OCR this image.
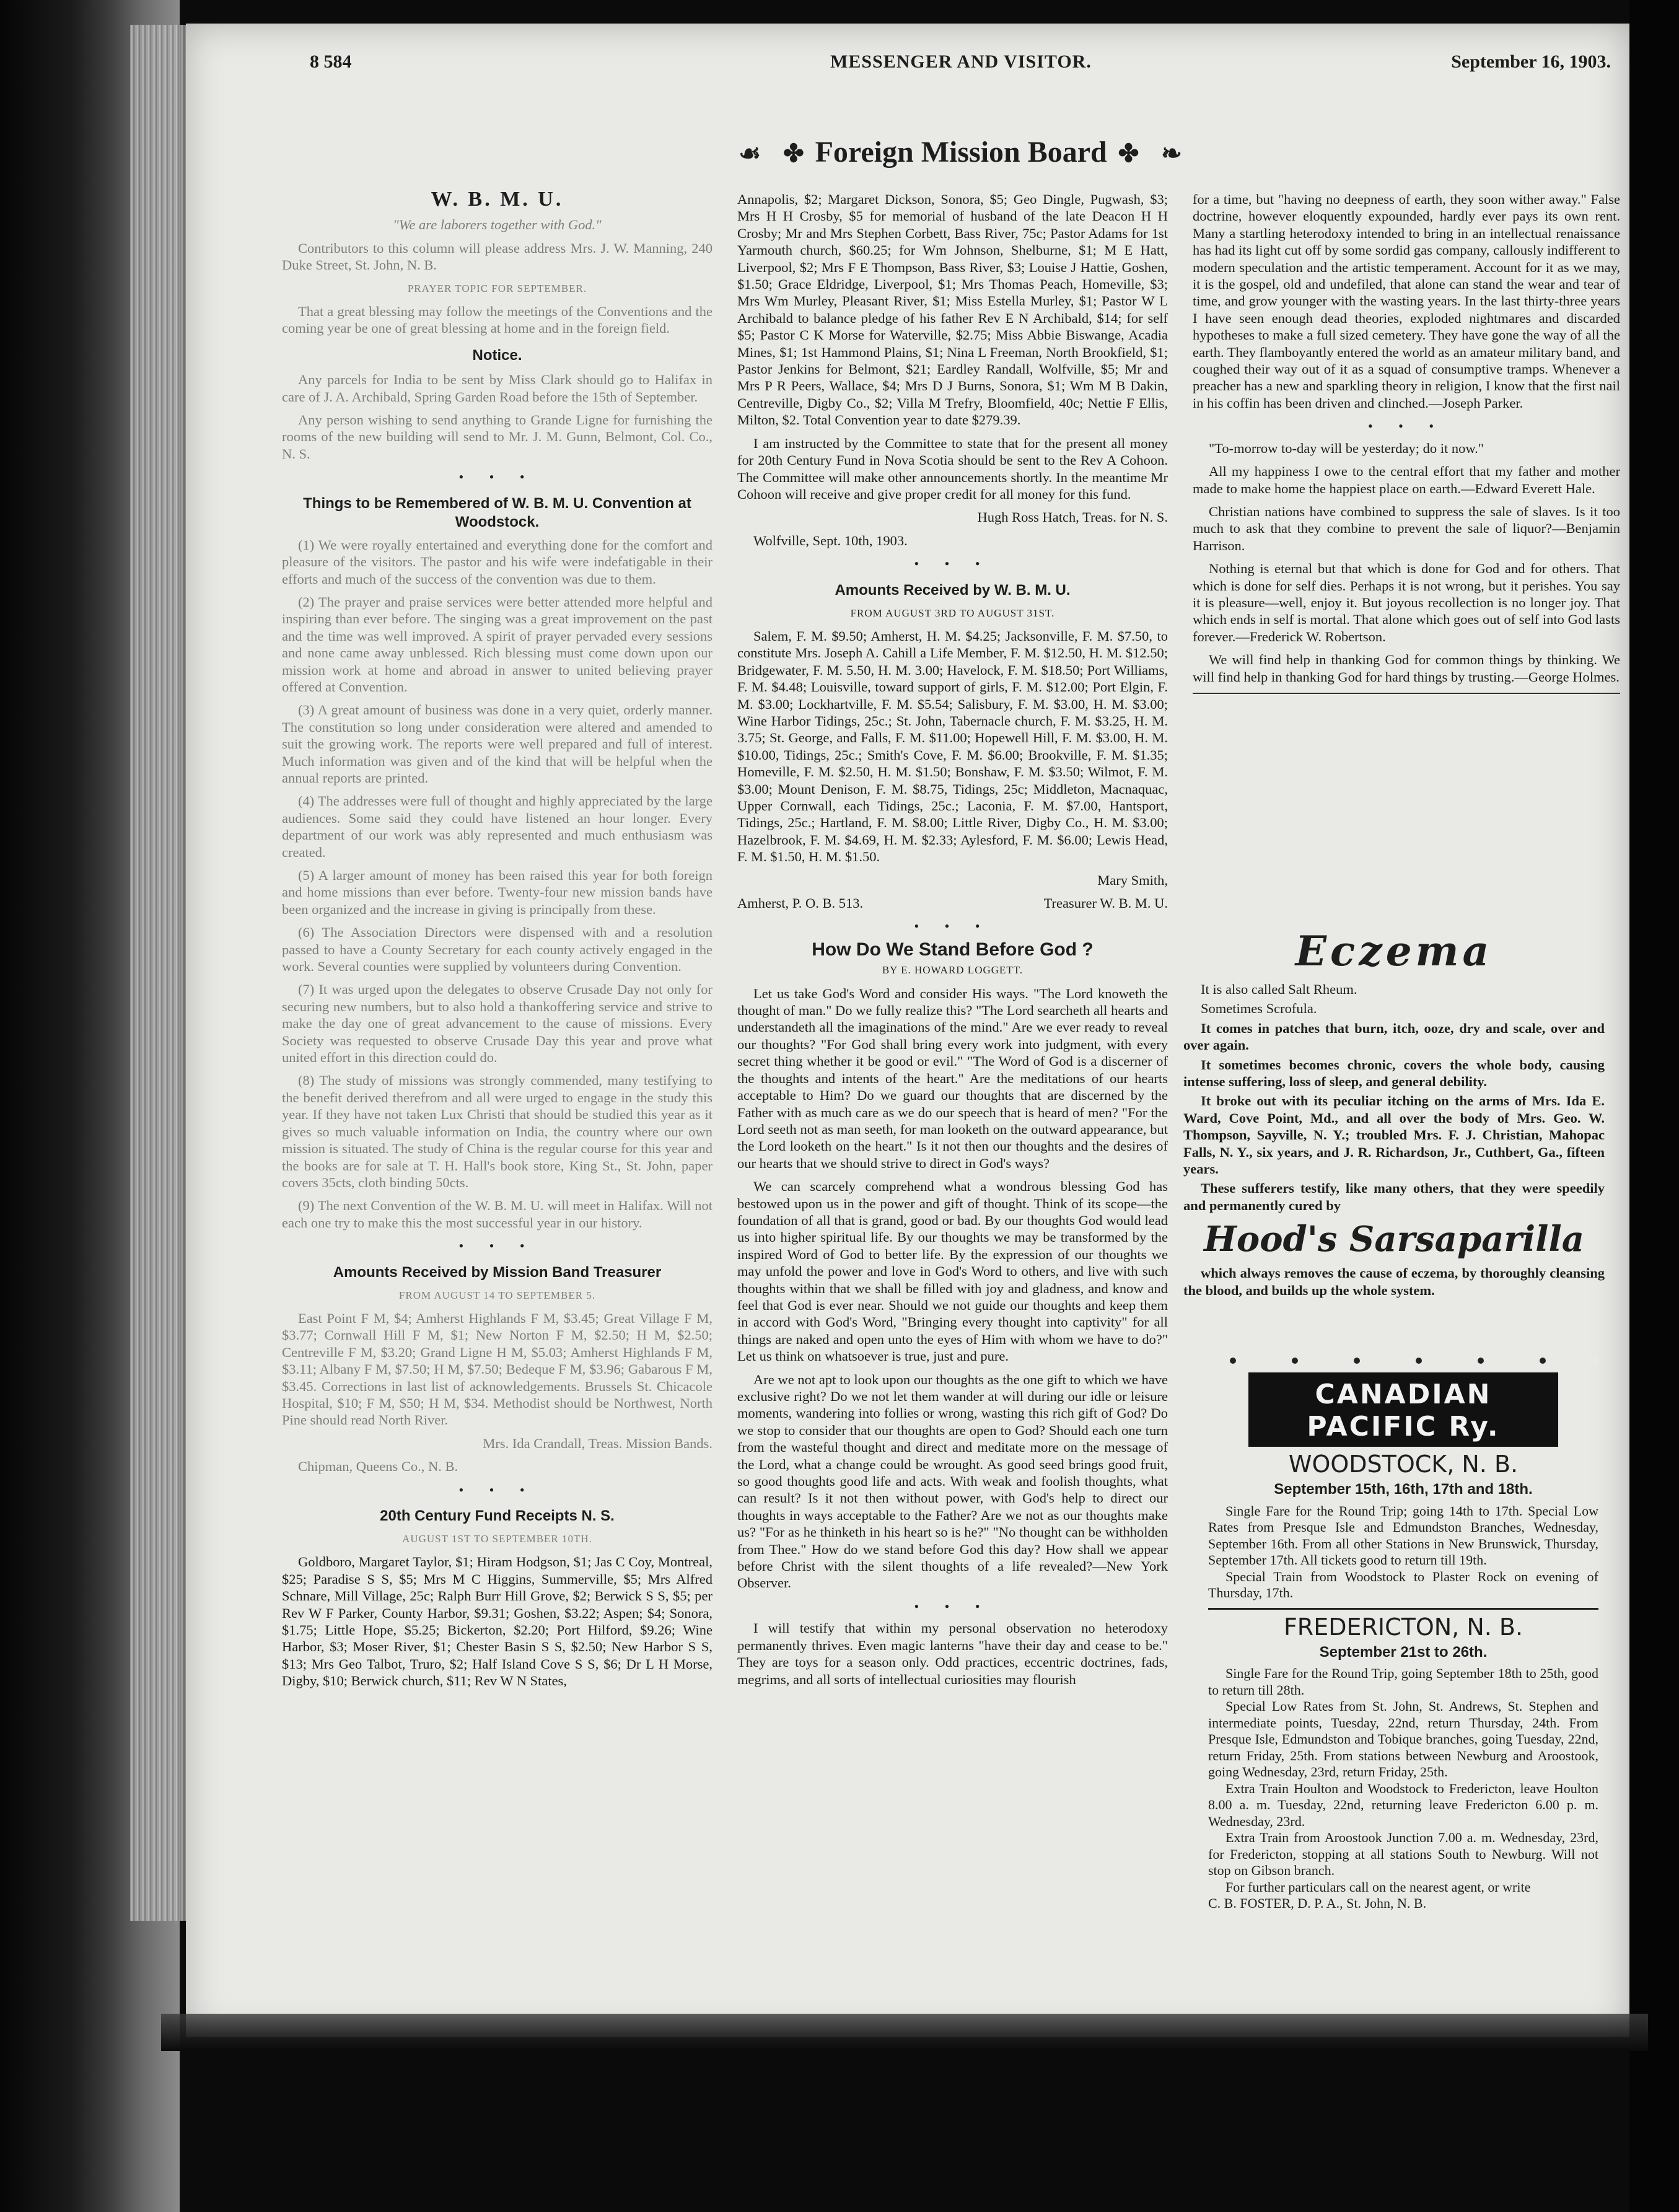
8 584	MESSENGER AND VISITOR.	September 16, 1903.
☙ ✤ Foreign Mission Board ✤ ❧
W. B. M. U.

"We are laborers together with God."

Contributors to this column will please address Mrs. J. W. Manning, 240 Duke Street, St. John, N. B.

PRAYER TOPIC FOR SEPTEMBER.

That a great blessing may follow the meetings of the Conventions and the coming year be one of great blessing at home and in the foreign field.

Notice.

Any parcels for India to be sent by Miss Clark should go to Halifax in care of J. A. Archibald, Spring Garden Road before the 15th of September.

Any person wishing to send anything to Grande Ligne for furnishing the rooms of the new building will send to Mr. J. M. Gunn, Belmont, Col. Co., N. S.

• • •
Things to be Remembered of W. B. M. U. Convention at Woodstock.

(1) We were royally entertained and everything done for the comfort and pleasure of the visitors. The pastor and his wife were indefatigable in their efforts and much of the success of the convention was due to them.

(2) The prayer and praise services were better attended more helpful and inspiring than ever before. The singing was a great improvement on the past and the time was well improved. A spirit of prayer pervaded every sessions and none came away unblessed. Rich blessing must come down upon our mission work at home and abroad in answer to united believing prayer offered at Convention.

(3) A great amount of business was done in a very quiet, orderly manner. The constitution so long under consideration were altered and amended to suit the growing work. The reports were well prepared and full of interest. Much information was given and of the kind that will be helpful when the annual reports are printed.

(4) The addresses were full of thought and highly appreciated by the large audiences. Some said they could have listened an hour longer. Every department of our work was ably represented and much enthusiasm was created.

(5) A larger amount of money has been raised this year for both foreign and home missions than ever before. Twenty-four new mission bands have been organized and the increase in giving is principally from these.

(6) The Association Directors were dispensed with and a resolution passed to have a County Secretary for each county actively engaged in the work. Several counties were supplied by volunteers during Convention.

(7) It was urged upon the delegates to observe Crusade Day not only for securing new numbers, but to also hold a thankoffering service and strive to make the day one of great advancement to the cause of missions. Every Society was requested to observe Crusade Day this year and prove what united effort in this direction could do.

(8) The study of missions was strongly commended, many testifying to the benefit derived therefrom and all were urged to engage in the study this year. If they have not taken Lux Christi that should be studied this year as it gives so much valuable information on India, the country where our own mission is situated. The study of China is the regular course for this year and the books are for sale at T. H. Hall's book store, King St., St. John, paper covers 35cts, cloth binding 50cts.

(9) The next Convention of the W. B. M. U. will meet in Halifax. Will not each one try to make this the most successful year in our history.

• • •
Amounts Received by Mission Band Treasurer
FROM AUGUST 14 TO SEPTEMBER 5.

East Point F M, $4; Amherst Highlands F M, $3.45; Great Village F M, $3.77; Cornwall Hill F M, $1; New Norton F M, $2.50; H M, $2.50; Centreville F M, $3.20; Grand Ligne H M, $5.03; Amherst Highlands F M, $3.11; Albany F M, $7.50; H M, $7.50; Bedeque F M, $3.96; Gabarous F M, $3.45. Corrections in last list of acknowledgements. Brussels St. Chicacole Hospital, $10; F M, $50; H M, $34. Methodist should be Northwest, North Pine should read North River.

Mrs. Ida Crandall, Treas. Mission Bands.

Chipman, Queens Co., N. B.

• • •
20th Century Fund Receipts N. S.
AUGUST 1ST TO SEPTEMBER 10TH.

Goldboro, Margaret Taylor, $1; Hiram Hodgson, $1; Jas C Coy, Montreal, $25; Paradise S S, $5; Mrs M C Higgins, Summerville, $5; Mrs Alfred Schnare, Mill Village, 25c; Ralph Burr Hill Grove, $2; Berwick S S, $5; per Rev W F Parker, County Harbor, $9.31; Goshen, $3.22; Aspen; $4; Sonora, $1.75; Little Hope, $5.25; Bickerton, $2.20; Port Hilford, $9.26; Wine Harbor, $3; Moser River, $1; Chester Basin S S, $2.50; New Harbor S S, $13; Mrs Geo Talbot, Truro, $2; Half Island Cove S S, $6; Dr L H Morse, Digby, $10; Berwick church, $11; Rev W N States,

Annapolis, $2; Margaret Dickson, Sonora, $5; Geo Dingle, Pugwash, $3; Mrs H H Crosby, $5 for memorial of husband of the late Deacon H H Crosby; Mr and Mrs Stephen Corbett, Bass River, 75c; Pastor Adams for 1st Yarmouth church, $60.25; for Wm Johnson, Shelburne, $1; M E Hatt, Liverpool, $2; Mrs F E Thompson, Bass River, $3; Louise J Hattie, Goshen, $1.50; Grace Eldridge, Liverpool, $1; Mrs Thomas Peach, Homeville, $3; Mrs Wm Murley, Pleasant River, $1; Miss Estella Murley, $1; Pastor W L Archibald to balance pledge of his father Rev E N Archibald, $14; for self $5; Pastor C K Morse for Waterville, $2.75; Miss Abbie Biswange, Acadia Mines, $1; 1st Hammond Plains, $1; Nina L Freeman, North Brookfield, $1; Pastor Jenkins for Belmont, $21; Eardley Randall, Wolfville, $5; Mr and Mrs P R Peers, Wallace, $4; Mrs D J Burns, Sonora, $1; Wm M B Dakin, Centreville, Digby Co., $2; Villa M Trefry, Bloomfield, 40c; Nettie F Ellis, Milton, $2. Total Convention year to date $279.39.

I am instructed by the Committee to state that for the present all money for 20th Century Fund in Nova Scotia should be sent to the Rev A Cohoon. The Committee will make other announcements shortly. In the meantime Mr Cohoon will receive and give proper credit for all money for this fund.

Hugh Ross Hatch, Treas. for N. S.

Wolfville, Sept. 10th, 1903.

• • •
Amounts Received by W. B. M. U.
FROM AUGUST 3RD TO AUGUST 31ST.

Salem, F. M. $9.50; Amherst, H. M. $4.25; Jacksonville, F. M. $7.50, to constitute Mrs. Joseph A. Cahill a Life Member, F. M. $12.50, H. M. $12.50; Bridgewater, F. M. 5.50, H. M. 3.00; Havelock, F. M. $18.50; Port Williams, F. M. $4.48; Louisville, toward support of girls, F. M. $12.00; Port Elgin, F. M. $3.00; Lockhartville, F. M. $5.54; Salisbury, F. M. $3.00, H. M. $3.00; Wine Harbor Tidings, 25c.; St. John, Tabernacle church, F. M. $3.25, H. M. 3.75; St. George, and Falls, F. M. $11.00; Hopewell Hill, F. M. $3.00, H. M. $10.00, Tidings, 25c.; Smith's Cove, F. M. $6.00; Brookville, F. M. $1.35; Homeville, F. M. $2.50, H. M. $1.50; Bonshaw, F. M. $3.50; Wilmot, F. M. $3.00; Mount Denison, F. M. $8.75, Tidings, 25c; Middleton, Macnaquac, Upper Cornwall, each Tidings, 25c.; Laconia, F. M. $7.00, Hantsport, Tidings, 25c.; Hartland, F. M. $8.00; Little River, Digby Co., H. M. $3.00; Hazelbrook, F. M. $4.69, H. M. $2.33; Aylesford, F. M. $6.00; Lewis Head, F. M. $1.50, H. M. $1.50.

Mary Smith,
Amherst, P. O. B. 513.	Treasurer W. B. M. U.
• • •
How Do We Stand Before God ?
BY E. HOWARD LOGGETT.

Let us take God's Word and consider His ways. "The Lord knoweth the thought of man." Do we fully realize this? "The Lord searcheth all hearts and understandeth all the imaginations of the mind." Are we ever ready to reveal our thoughts? "For God shall bring every work into judgment, with every secret thing whether it be good or evil." "The Word of God is a discerner of the thoughts and intents of the heart." Are the meditations of our hearts acceptable to Him? Do we guard our thoughts that are discerned by the Father with as much care as we do our speech that is heard of men? "For the Lord seeth not as man seeth, for man looketh on the outward appearance, but the Lord looketh on the heart." Is it not then our thoughts and the desires of our hearts that we should strive to direct in God's ways?

We can scarcely comprehend what a wondrous blessing God has bestowed upon us in the power and gift of thought. Think of its scope—the foundation of all that is grand, good or bad. By our thoughts God would lead us into higher spiritual life. By our thoughts we may be transformed by the inspired Word of God to better life. By the expression of our thoughts we may unfold the power and love in God's Word to others, and live with such thoughts within that we shall be filled with joy and gladness, and know and feel that God is ever near. Should we not guide our thoughts and keep them in accord with God's Word, "Bringing every thought into captivity" for all things are naked and open unto the eyes of Him with whom we have to do?" Let us think on whatsoever is true, just and pure.

Are we not apt to look upon our thoughts as the one gift to which we have exclusive right? Do we not let them wander at will during our idle or leisure moments, wandering into follies or wrong, wasting this rich gift of God? Do we stop to consider that our thoughts are open to God? Should each one turn from the wasteful thought and direct and meditate more on the message of the Lord, what a change could be wrought. As good seed brings good fruit, so good thoughts good life and acts. With weak and foolish thoughts, what can result? Is it not then without power, with God's help to direct our thoughts in ways acceptable to the Father? Are we not as our thoughts make us? "For as he thinketh in his heart so is he?" "No thought can be withholden from Thee." How do we stand before God this day? How shall we appear before Christ with the silent thoughts of a life revealed?—New York Observer.

• • •

I will testify that within my personal observation no heterodoxy permanently thrives. Even magic lanterns "have their day and cease to be." They are toys for a season only. Odd practices, eccentric doctrines, fads, megrims, and all sorts of intellectual curiosities may flourish

for a time, but "having no deepness of earth, they soon wither away." False doctrine, however eloquently expounded, hardly ever pays its own rent. Many a startling heterodoxy intended to bring in an intellectual renaissance has had its light cut off by some sordid gas company, callously indifferent to modern speculation and the artistic temperament. Account for it as we may, it is the gospel, old and undefiled, that alone can stand the wear and tear of time, and grow younger with the wasting years. In the last thirty-three years I have seen enough dead theories, exploded nightmares and discarded hypotheses to make a full sized cemetery. They have gone the way of all the earth. They flamboyantly entered the world as an amateur military band, and coughed their way out of it as a squad of consumptive tramps. Whenever a preacher has a new and sparkling theory in religion, I know that the first nail in his coffin has been driven and clinched.—Joseph Parker.

• • •

"To-morrow to-day will be yesterday; do it now."

All my happiness I owe to the central effort that my father and mother made to make home the happiest place on earth.—Edward Everett Hale.

Christian nations have combined to suppress the sale of slaves. Is it too much to ask that they combine to prevent the sale of liquor?—Benjamin Harrison.

Nothing is eternal but that which is done for God and for others. That which is done for self dies. Perhaps it is not wrong, but it perishes. You say it is pleasure—well, enjoy it. But joyous recollection is no longer joy. That which ends in self is mortal. That alone which goes out of self into God lasts forever.—Frederick W. Robertson.

We will find help in thanking God for common things by thinking. We will find help in thanking God for hard things by trusting.—George Holmes.

Eczema

It is also called Salt Rheum.

Sometimes Scrofula.

It comes in patches that burn, itch, ooze, dry and scale, over and over again.

It sometimes becomes chronic, covers the whole body, causing intense suffering, loss of sleep, and general debility.

It broke out with its peculiar itching on the arms of Mrs. Ida E. Ward, Cove Point, Md., and all over the body of Mrs. Geo. W. Thompson, Sayville, N. Y.; troubled Mrs. F. J. Christian, Mahopac Falls, N. Y., six years, and J. R. Richardson, Jr., Cuthbert, Ga., fifteen years.

These sufferers testify, like many others, that they were speedily and permanently cured by

Hood's Sarsaparilla

which always removes the cause of eczema, by thoroughly cleansing the blood, and builds up the whole system.

CANADIAN
PACIFIC Ry.
WOODSTOCK, N. B.
September 15th, 16th, 17th and 18th.

Single Fare for the Round Trip; going 14th to 17th. Special Low Rates from Presque Isle and Edmundston Branches, Wednesday, September 16th. From all other Stations in New Brunswick, Thursday, September 17th. All tickets good to return till 19th.

Special Train from Woodstock to Plaster Rock on evening of Thursday, 17th.

FREDERICTON, N. B.
September 21st to 26th.

Single Fare for the Round Trip, going September 18th to 25th, good to return till 28th.

Special Low Rates from St. John, St. Andrews, St. Stephen and intermediate points, Tuesday, 22nd, return Thursday, 24th. From Presque Isle, Edmundston and Tobique branches, going Tuesday, 22nd, return Friday, 25th. From stations between Newburg and Aroostook, going Wednesday, 23rd, return Friday, 25th.

Extra Train Houlton and Woodstock to Fredericton, leave Houlton 8.00 a. m. Tuesday, 22nd, returning leave Fredericton 6.00 p. m. Wednesday, 23rd.

Extra Train from Aroostook Junction 7.00 a. m. Wednesday, 23rd, for Fredericton, stopping at all stations South to Newburg. Will not stop on Gibson branch.

For further particulars call on the nearest agent, or write

C. B. FOSTER, D. P. A., St. John, N. B.
